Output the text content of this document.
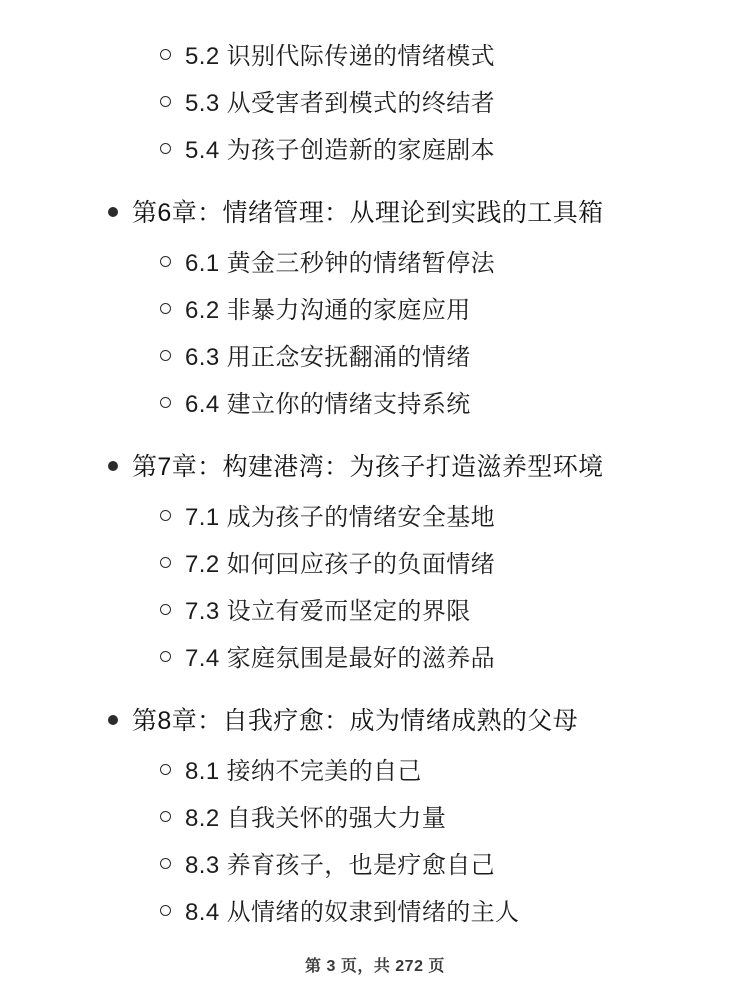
5.2 识别代际传递的情绪模式
5.3 从受害者到模式的终结者
5.4 为孩子创造新的家庭剧本
第6章：情绪管理：从理论到实践的工具箱
6.1 黄金三秒钟的情绪暂停法
6.2 非暴力沟通的家庭应用
6.3 用正念安抚翻涌的情绪
6.4 建立你的情绪支持系统
第7章：构建港湾：为孩子打造滋养型环境
7.1 成为孩子的情绪安全基地
7.2 如何回应孩子的负面情绪
7.3 设立有爱而坚定的界限
7.4 家庭氛围是最好的滋养品
第8章：自我疗愈：成为情绪成熟的父母
8.1 接纳不完美的自己
8.2 自我关怀的强大力量
8.3 养育孩子，也是疗愈自己
8.4 从情绪的奴隶到情绪的主人
第 3 页，共 272 页
